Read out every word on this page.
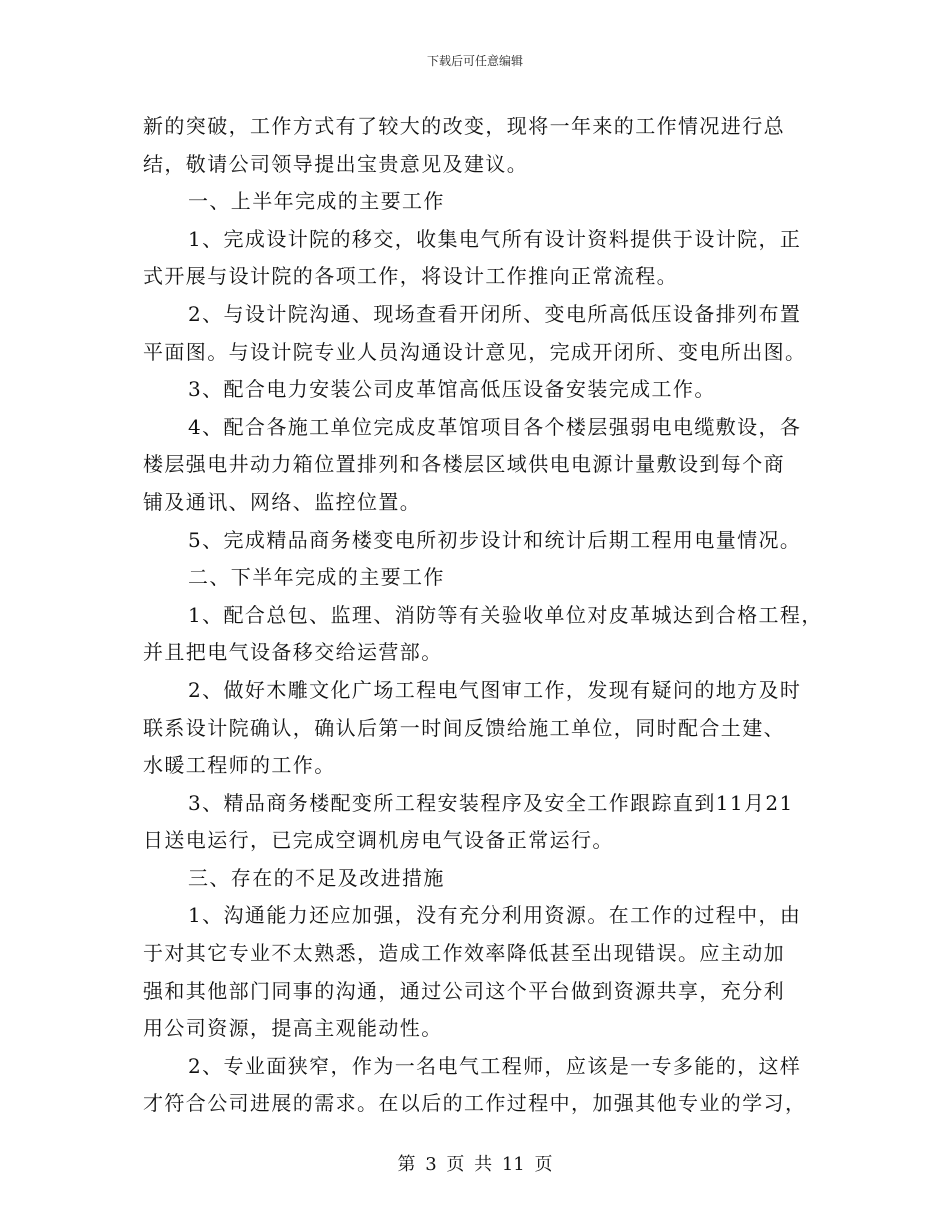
下载后可任意编辑
新的突破，工作方式有了较大的改变，现将一年来的工作情况进行总
结，敬请公司领导提出宝贵意见及建议。
一、上半年完成的主要工作
1、完成设计院的移交，收集电气所有设计资料提供于设计院，正
式开展与设计院的各项工作，将设计工作推向正常流程。
2、与设计院沟通、现场查看开闭所、变电所高低压设备排列布置
平面图。与设计院专业人员沟通设计意见，完成开闭所、变电所出图。
3、配合电力安装公司皮革馆高低压设备安装完成工作。
4、配合各施工单位完成皮革馆项目各个楼层强弱电电缆敷设，各
楼层强电井动力箱位置排列和各楼层区域供电电源计量敷设到每个商
铺及通讯、网络、监控位置。
5、完成精品商务楼变电所初步设计和统计后期工程用电量情况。
二、下半年完成的主要工作
1、配合总包、监理、消防等有关验收单位对皮革城达到合格工程，
并且把电气设备移交给运营部。
2、做好木雕文化广场工程电气图审工作，发现有疑问的地方及时
联系设计院确认，确认后第一时间反馈给施工单位，同时配合土建、
水暖工程师的工作。
3、精品商务楼配变所工程安装程序及安全工作跟踪直到11月21
日送电运行，已完成空调机房电气设备正常运行。
三、存在的不足及改进措施
1、沟通能力还应加强，没有充分利用资源。在工作的过程中，由
于对其它专业不太熟悉，造成工作效率降低甚至出现错误。应主动加
强和其他部门同事的沟通，通过公司这个平台做到资源共享，充分利
用公司资源，提高主观能动性。
2、专业面狭窄，作为一名电气工程师，应该是一专多能的，这样
才符合公司进展的需求。在以后的工作过程中，加强其他专业的学习，
第 3 页 共 11 页
